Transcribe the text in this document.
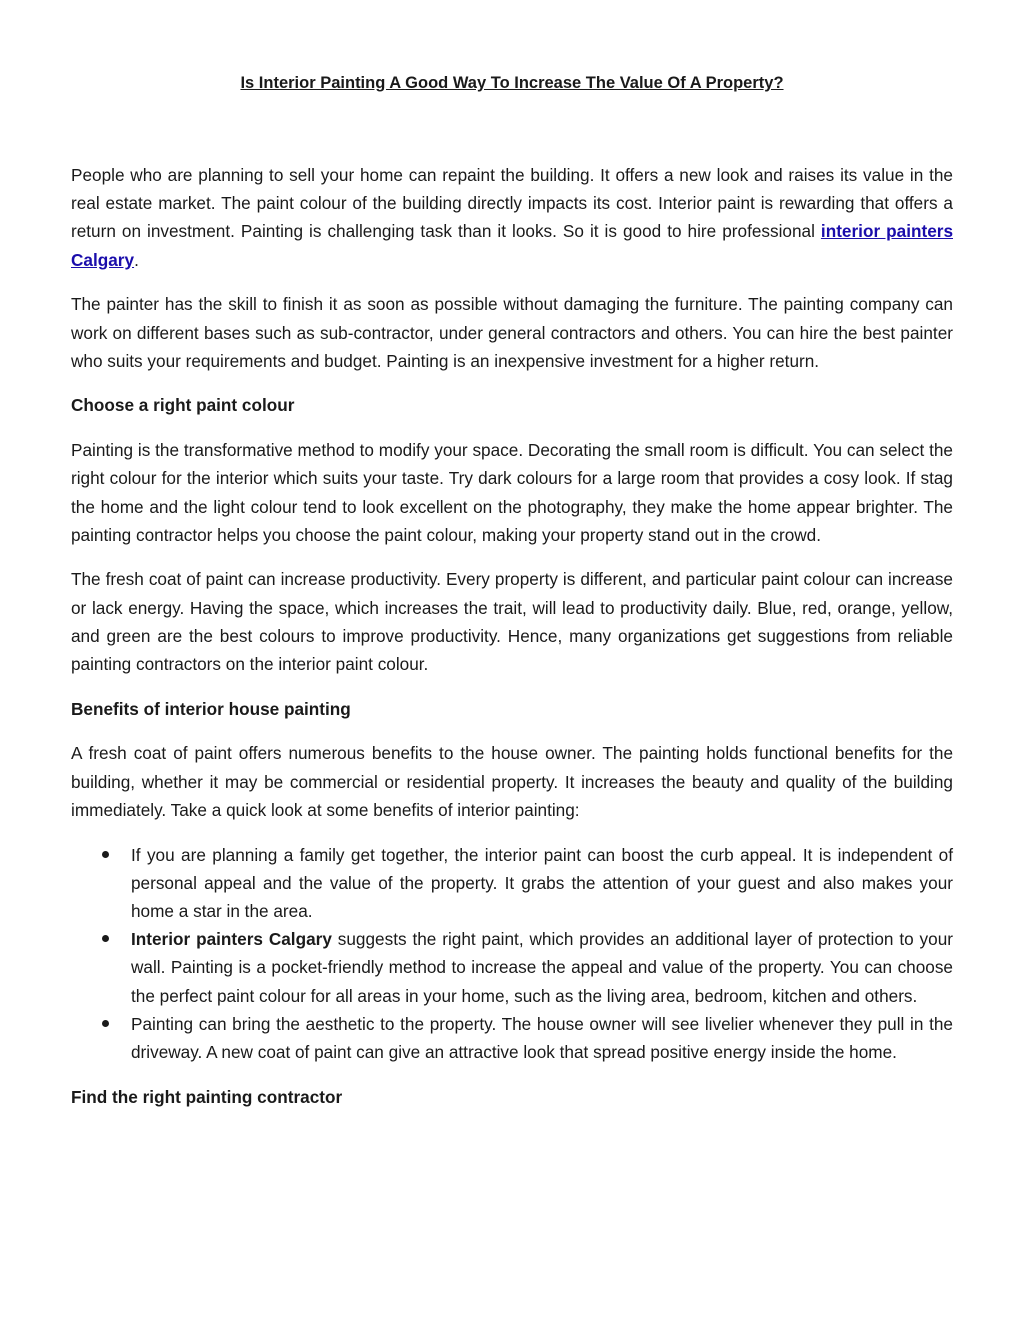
Is Interior Painting A Good Way To Increase The Value Of A Property?

People who are planning to sell your home can repaint the building. It offers a new look and raises its value in the real estate market. The paint colour of the building directly impacts its cost. Interior paint is rewarding that offers a return on investment. Painting is challenging task than it looks. So it is good to hire professional interior painters Calgary.

The painter has the skill to finish it as soon as possible without damaging the furniture. The painting company can work on different bases such as sub-contractor, under general contractors and others. You can hire the best painter who suits your requirements and budget. Painting is an inexpensive investment for a higher return.

Choose a right paint colour

Painting is the transformative method to modify your space. Decorating the small room is difficult. You can select the right colour for the interior which suits your taste. Try dark colours for a large room that provides a cosy look. If stag the home and the light colour tend to look excellent on the photography, they make the home appear brighter. The painting contractor helps you choose the paint colour, making your property stand out in the crowd.

The fresh coat of paint can increase productivity. Every property is different, and particular paint colour can increase or lack energy. Having the space, which increases the trait, will lead to productivity daily. Blue, red, orange, yellow, and green are the best colours to improve productivity. Hence, many organizations get suggestions from reliable painting contractors on the interior paint colour.

Benefits of interior house painting

A fresh coat of paint offers numerous benefits to the house owner. The painting holds functional benefits for the building, whether it may be commercial or residential property. It increases the beauty and quality of the building immediately. Take a quick look at some benefits of interior painting:

If you are planning a family get together, the interior paint can boost the curb appeal. It is independent of personal appeal and the value of the property. It grabs the attention of your guest and also makes your home a star in the area.
Interior painters Calgary suggests the right paint, which provides an additional layer of protection to your wall. Painting is a pocket-friendly method to increase the appeal and value of the property. You can choose the perfect paint colour for all areas in your home, such as the living area, bedroom, kitchen and others.
Painting can bring the aesthetic to the property. The house owner will see livelier whenever they pull in the driveway. A new coat of paint can give an attractive look that spread positive energy inside the home.

Find the right painting contractor
